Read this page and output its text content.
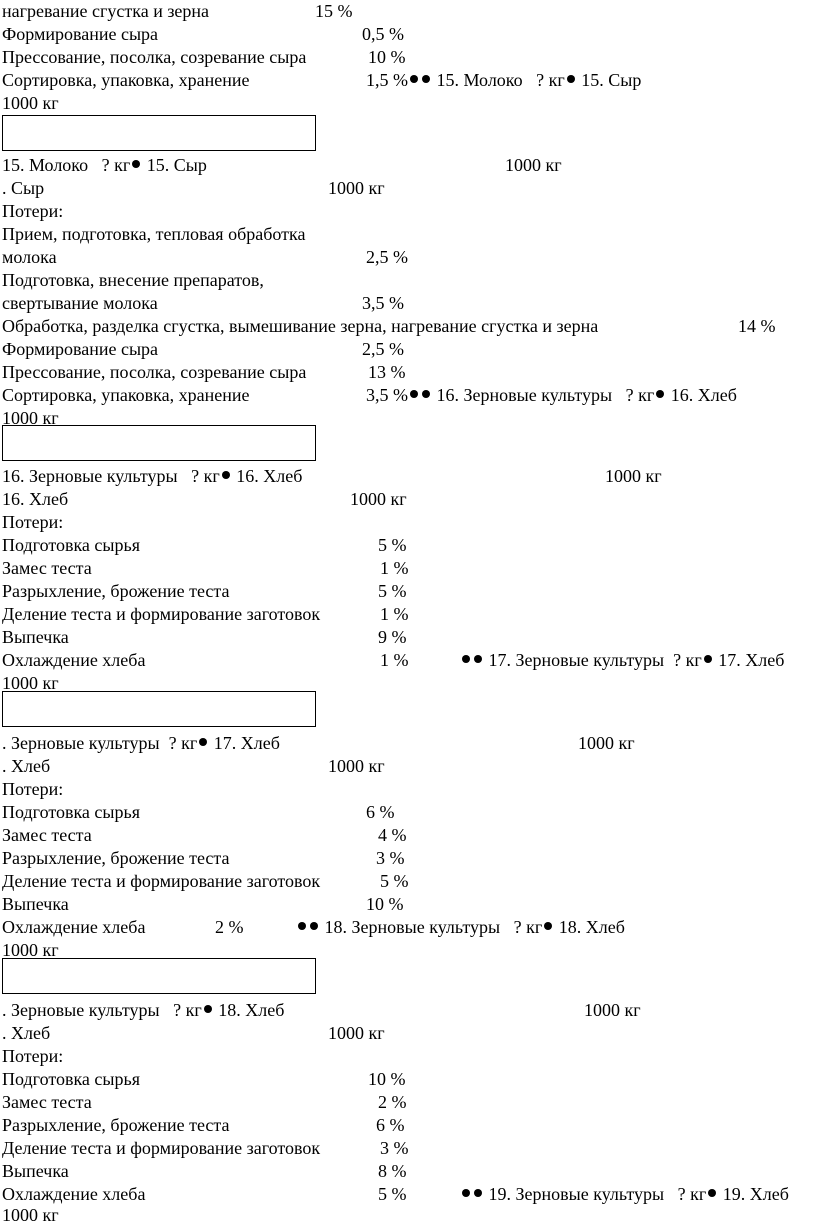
нагревание сгустка и зерна	15 %
Формирование сыра	0,5 %
Прессование, посолка, созревание сыра	10 %
Сортировка, упаковка, хранение	1,5 % 15. Молоко   ? кг 15. Сыр
1000 кг
15. Молоко   ? кг 15. Сыр	1000 кг
. Сыр	1000 кг
Потери:
Прием, подготовка, тепловая обработка
молока	2,5 %
Подготовка, внесение препаратов,
свертывание молока	3,5 %
Обработка, разделка сгустка, вымешивание зерна, нагревание сгустка и зерна	14 %
Формирование сыра	2,5 %
Прессование, посолка, созревание сыра	13 %
Сортировка, упаковка, хранение	3,5 % 16. Зерновые культуры   ? кг 16. Хлеб
1000 кг
16. Зерновые культуры   ? кг 16. Хлеб	1000 кг
16. Хлеб	1000 кг
Потери:
Подготовка сырья	5 %
Замес теста	1 %
Разрыхление, брожение теста	5 %
Деление теста и формирование заготовок	1 %
Выпечка	9 %
Охлаждение хлеба	1 %	17. Зерновые культуры  ? кг 17. Хлеб
1000 кг
. Зерновые культуры  ? кг 17. Хлеб	1000 кг
. Хлеб	1000 кг
Потери:
Подготовка сырья	6 %
Замес теста	4 %
Разрыхление, брожение теста	3 %
Деление теста и формирование заготовок	5 %
Выпечка	10 %
Охлаждение хлеба	2 %	18. Зерновые культуры   ? кг 18. Хлеб
1000 кг
. Зерновые культуры   ? кг 18. Хлеб	1000 кг
. Хлеб	1000 кг
Потери:
Подготовка сырья	10 %
Замес теста	2 %
Разрыхление, брожение теста	6 %
Деление теста и формирование заготовок	3 %
Выпечка	8 %
Охлаждение хлеба	5 %	19. Зерновые культуры   ? кг 19. Хлеб
1000 кг
